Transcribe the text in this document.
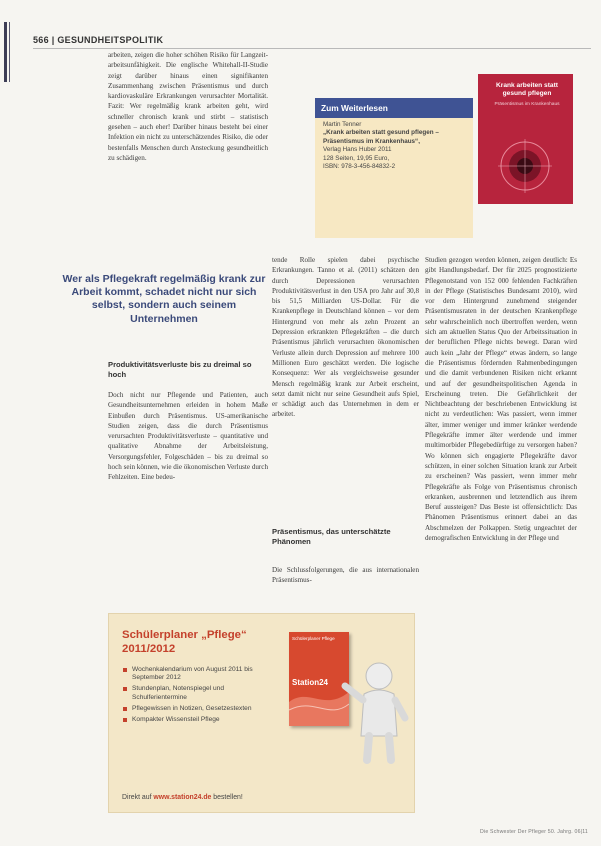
566 | GESUNDHEITSPOLITIK

arbeiten, zeigen die hoher schöhen Risiko für Langzeit-arbeitsunfähigkeit. Die englische Whitehall-II-Studie zeigt darüber hinaus einen signifikanten Zusammenhang zwischen Präsentismus und durch kardiovaskuläre Erkrankungen verursachter Mortalität. Fazit: Wer regelmäßig krank arbeiten geht, wird schneller chronisch krank und stirbt – statistisch gesehen – auch eher! Darüber hinaus besteht bei einer Infektion ein nicht zu unterschätzendes Risiko, die oder bestenfalls Menschen durch Ansteckung gesundheitlich zu schädigen.

Wer als Pflegekraft regelmäßig krank zur Arbeit kommt, schadet nicht nur sich selbst, sondern auch seinem Unternehmen
Produktivitätsverluste bis zu dreimal so hoch
Doch nicht nur Pflegende und Patienten, auch Gesundheitsunternehmen erleiden in hohem Maße Einbußen durch Präsentismus. US-amerikanische Studien zeigen, dass die durch Präsentismus verursachten Produktivitätsverluste – quantitative und qualitative Abnahme der Arbeitsleistung, Versorgungsfehler, Folgeschäden – bis zu dreimal so hoch sein können, wie die ökonomischen Verluste durch Fehlzeiten. Eine bedeu-
tende Rolle spielen dabei psychische Erkrankungen. Tanno et al. (2011) schätzen den durch Depressionen verursachten Produktivitätsverlust in den USA pro Jahr auf 30,8 bis 51,5 Milliarden US-Dollar. Für die Krankenpflege in Deutschland können – vor dem Hintergrund von mehr als zehn Prozent an Depression erkrankten Pflegekräften – die durch Präsentismus jährlich verursachten ökonomischen Verluste allein durch Depression auf mehrere 100 Millionen Euro geschätzt werden. Die logische Konsequenz: Wer als vergleichsweise gesunder Mensch regelmäßig krank zur Arbeit erscheint, setzt damit nicht nur seine Gesundheit aufs Spiel, er schädigt auch das Unternehmen in dem er arbeitet.
Präsentismus, das unterschätzte Phänomen
Die Schlussfolgerungen, die aus internationalen Präsentismus-
Studien gezogen werden können, zeigen deutlich: Es gibt Handlungsbedarf. Der für 2025 prognostizierte Pflegenotstand von 152 000 fehlenden Fachkräften in der Pflege (Statistisches Bundesamt 2010), wird vor dem Hintergrund zunehmend steigender Präsentismusraten in der deutschen Krankenpflege sehr wahrscheinlich noch übertroffen werden, wenn sich am aktuellen Status Quo der Arbeitssituation in der beruflichen Pflege nichts bewegt. Daran wird auch kein „Jahr der Pflege“ etwas ändern, so lange die Präsentismus fördernden Rahmenbedingungen und die damit verbundenen Risiken nicht erkannt und auf der gesundheitspolitischen Agenda in Erscheinung treten. Die Gefährlichkeit der Nichtbeachtung der beschriebenen Entwicklung ist nicht zu verdeutlichen: Was passiert, wenn immer älter, immer weniger und immer kränker werdende Pflegekräfte immer älter werdende und immer multimorbider Pflegebedürftige zu versorgen haben? Wo können sich engagierte Pflegekräfte davor schützen, in einer solchen Situation krank zur Arbeit zu erscheinen? Was passiert, wenn immer mehr Pflegekräfte als Folge von Präsentismus chronisch erkranken, ausbrennen und letztendlich aus ihrem Beruf aussteigen? Das Beste ist offensichtlich: Das Phänomen Präsentismus erinnert dabei an das Abschmelzen der Polkappen. Stetig ungeachtet der demografischen Entwicklung in der Pflege und
Zum Weiterlesen
Martin Tenner
„Krank arbeiten statt gesund pflegen – Präsentismus im Krankenhaus“,
Verlag Hans Huber 2011
128 Seiten, 19,95 Euro,
ISBN: 978-3-456-84832-2
Krank arbeiten statt gesund pflegen
Präsentismus im Krankenhaus
Schülerplaner „Pflege“ 2011/2012
Wochenkalendarium von August 2011 bis September 2012
Stundenplan, Notenspiegel und Schulferientermine
Pflegewissen in Notizen, Gesetzestexten
Kompakter Wissensteil Pflege
Schülerplaner Pflege
Station24
Direkt auf www.station24.de bestellen!
Die Schwester Der Pfleger 50. Jahrg. 06|11
